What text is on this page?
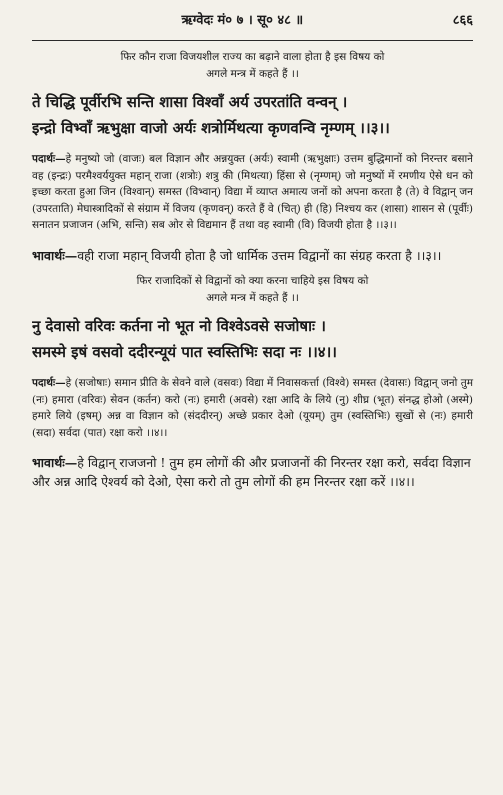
ऋग्वेदः मं० ७ । सू० ४८ ॥	८६६
फिर कौन राजा विजयशील राज्य का बढ़ाने वाला होता है इस विषय को
अगले मन्त्र में कहते हैं ।।
ते चिद्धि पूर्वीरभि सन्ति शासा विश्वाँ अर्य उपरतांति वन्वन् ।
इन्द्रो विभ्वाँ ऋभुक्षा वाजो अर्यः शत्रोर्मिथत्या कृणवन्वि नृम्णम् ।।३।।
पदार्थः—हे मनुष्यो जो (वाजः) बल विज्ञान और अन्नयुक्त (अर्यः) स्वामी (ऋभुक्षाः) उत्तम बुद्धिमानों को निरन्तर बसाने वह (इन्द्रः) परमैश्वर्ययुक्त महान् राजा (शत्रोः) शत्रु की (मिथत्या) हिंसा से (नृम्णम्) जो मनुष्यों में रमणीय ऐसे धन को इच्छा करता हुआ जिन (विश्वान्) समस्त (विभ्वान्) विद्या में व्याप्त अमात्य जनों को अपना करता है (ते) वे विद्वान् जन (उपरताति) मेघास्त्रादिकों से संग्राम में विजय (कृणवन्) करते हैं वे (चित्) ही (हि) निश्चय कर (शासा) शासन से (पूर्वीः) सनातन प्रजाजन (अभि, सन्ति) सब ओर से विद्यमान हैं तथा वह स्वामी (वि) विजयी होता है ।।३।।
भावार्थः—वही राजा महान् विजयी होता है जो धार्मिक उत्तम विद्वानों का संग्रह करता है ।।३।।
फिर राजादिकों से विद्वानों को क्या करना चाहिये इस विषय को
अगले मन्त्र में कहते हैं ।।
नु देवासो वरिवः कर्तना नो भूत नो विश्वेऽवसे सजोषाः ।
समस्मे इषं वसवो ददीरन्यूयं पात स्वस्तिभिः सदा नः ।।४।।
पदार्थः—हे (सजोषाः) समान प्रीति के सेवने वाले (वसवः) विद्या में निवासकर्त्ता (विश्वे) समस्त (देवासः) विद्वान् जनो तुम (नः) हमारा (वरिवः) सेवन (कर्तन) करो (नः) हमारी (अवसे) रक्षा आदि के लिये (नु) शीघ्र (भूत) संनद्ध होओ (अस्मे) हमारे लिये (इषम्) अन्न वा विज्ञान को (संददीरन्) अच्छे प्रकार देओ (यूयम्) तुम (स्वस्तिभिः) सुखों से (नः) हमारी (सदा) सर्वदा (पात) रक्षा करो ।।४।।
भावार्थः—हे विद्वान् राजजनो ! तुम हम लोगों की और प्रजाजनों की निरन्तर रक्षा करो, सर्वदा विज्ञान और अन्न आदि ऐश्वर्य को देओ, ऐसा करो तो तुम लोगों की हम निरन्तर रक्षा करें ।।४।।
